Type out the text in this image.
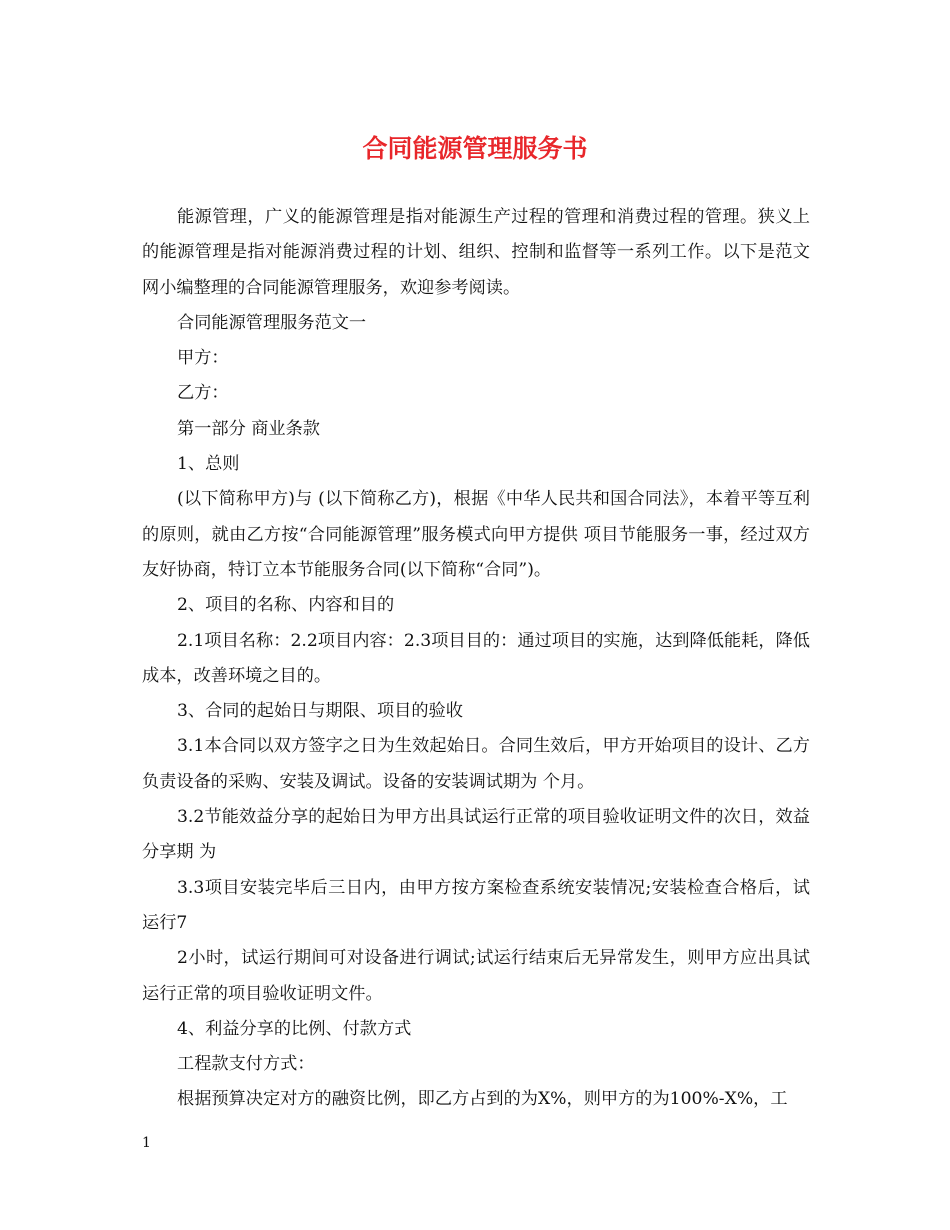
合同能源管理服务书

能源管理，广义的能源管理是指对能源生产过程的管理和消费过程的管理。狭义上的能源管理是指对能源消费过程的计划、组织、控制和监督等一系列工作。以下是范文网小编整理的合同能源管理服务，欢迎参考阅读。

合同能源管理服务范文一

甲方：

乙方：

第一部分 商业条款

1、总则

(以下简称甲方)与 (以下简称乙方)，根据《中华人民共和国合同法》，本着平等互利的原则，就由乙方按“合同能源管理”服务模式向甲方提供 项目节能服务一事，经过双方友好协商，特订立本节能服务合同(以下简称“合同”)。

2、项目的名称、内容和目的

2.1项目名称：2.2项目内容：2.3项目目的：通过项目的实施，达到降低能耗，降低成本，改善环境之目的。

3、合同的起始日与期限、项目的验收

3.1本合同以双方签字之日为生效起始日。合同生效后，甲方开始项目的设计、乙方负责设备的采购、安装及调试。设备的安装调试期为 个月。

3.2节能效益分享的起始日为甲方出具试运行正常的项目验收证明文件的次日，效益分享期 为

3.3项目安装完毕后三日内，由甲方按方案检查系统安装情况;安装检查合格后，试运行7

2小时，试运行期间可对设备进行调试;试运行结束后无异常发生，则甲方应出具试运行正常的项目验收证明文件。

4、利益分享的比例、付款方式

工程款支付方式：

根据预算决定对方的融资比例，即乙方占到的为X%，则甲方的为100%-X%，工

1
